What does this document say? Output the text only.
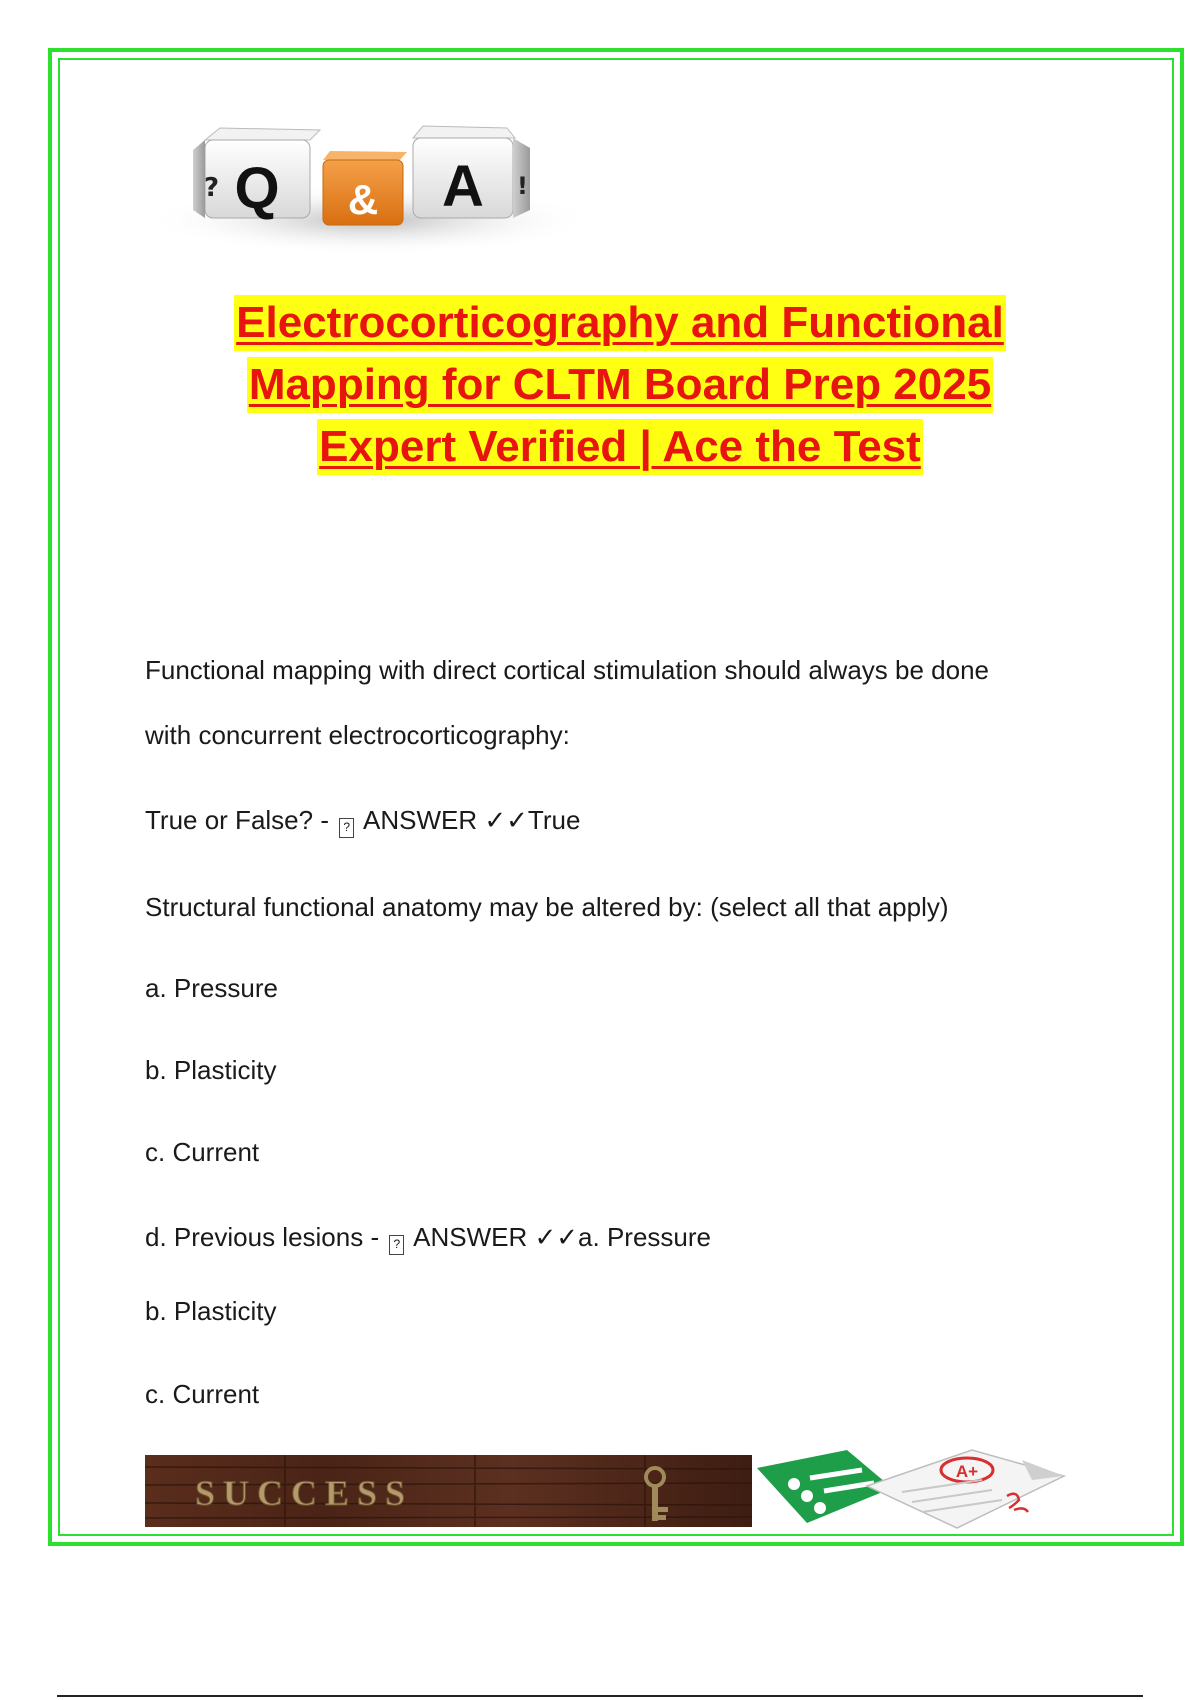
? Q & A !
Electrocorticography and Functional
Mapping for CLTM Board Prep 2025
Expert Verified | Ace the Test
Functional mapping with direct cortical stimulation should always be done
with concurrent electrocorticography:
True or False? - ? ANSWER ✓✓True
Structural functional anatomy may be altered by: (select all that apply)
a. Pressure
b. Plasticity
c. Current
d. Previous lesions - ? ANSWER ✓✓a. Pressure
b. Plasticity
c. Current
SUCCESS
A+
